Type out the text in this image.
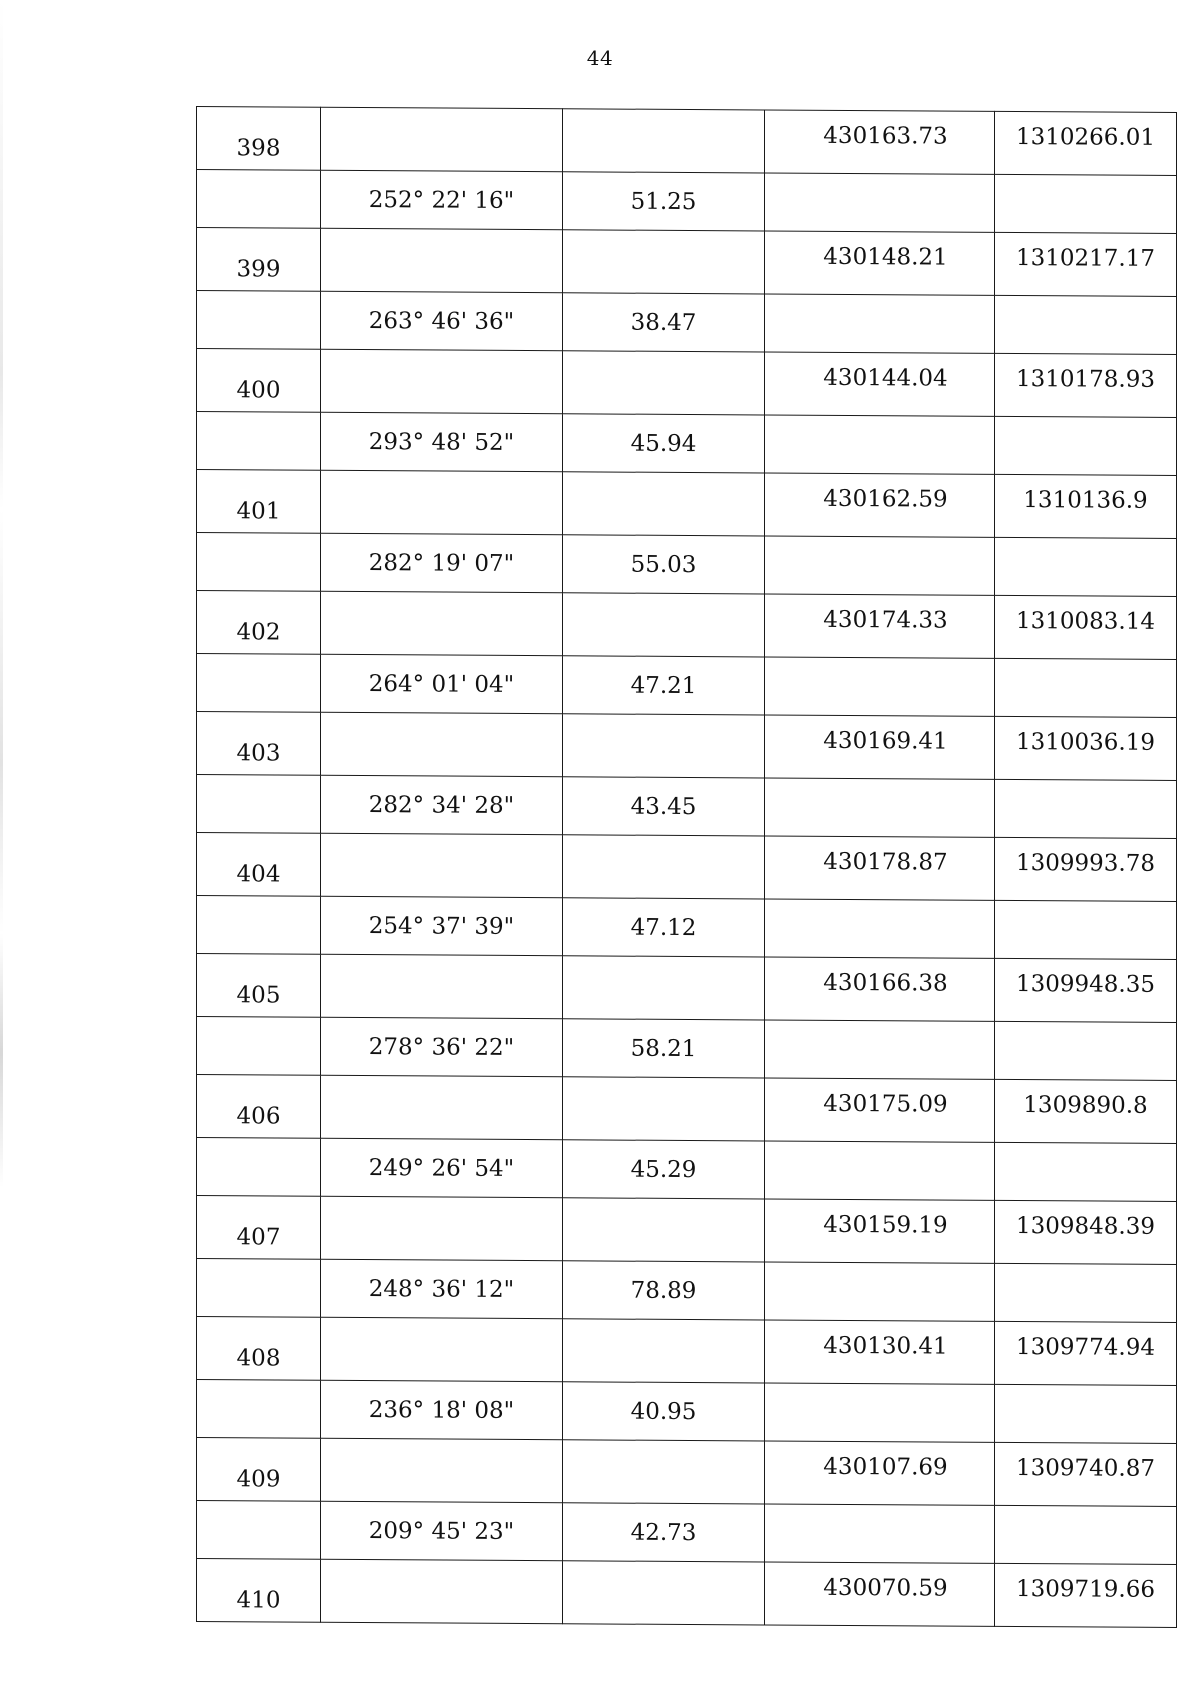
44
398			430163.73	1310266.01
	252° 22' 16"	51.25		
399			430148.21	1310217.17
	263° 46' 36"	38.47		
400			430144.04	1310178.93
	293° 48' 52"	45.94		
401			430162.59	1310136.9
	282° 19' 07"	55.03		
402			430174.33	1310083.14
	264° 01' 04"	47.21		
403			430169.41	1310036.19
	282° 34' 28"	43.45		
404			430178.87	1309993.78
	254° 37' 39"	47.12		
405			430166.38	1309948.35
	278° 36' 22"	58.21		
406			430175.09	1309890.8
	249° 26' 54"	45.29		
407			430159.19	1309848.39
	248° 36' 12"	78.89		
408			430130.41	1309774.94
	236° 18' 08"	40.95		
409			430107.69	1309740.87
	209° 45' 23"	42.73		
410			430070.59	1309719.66
